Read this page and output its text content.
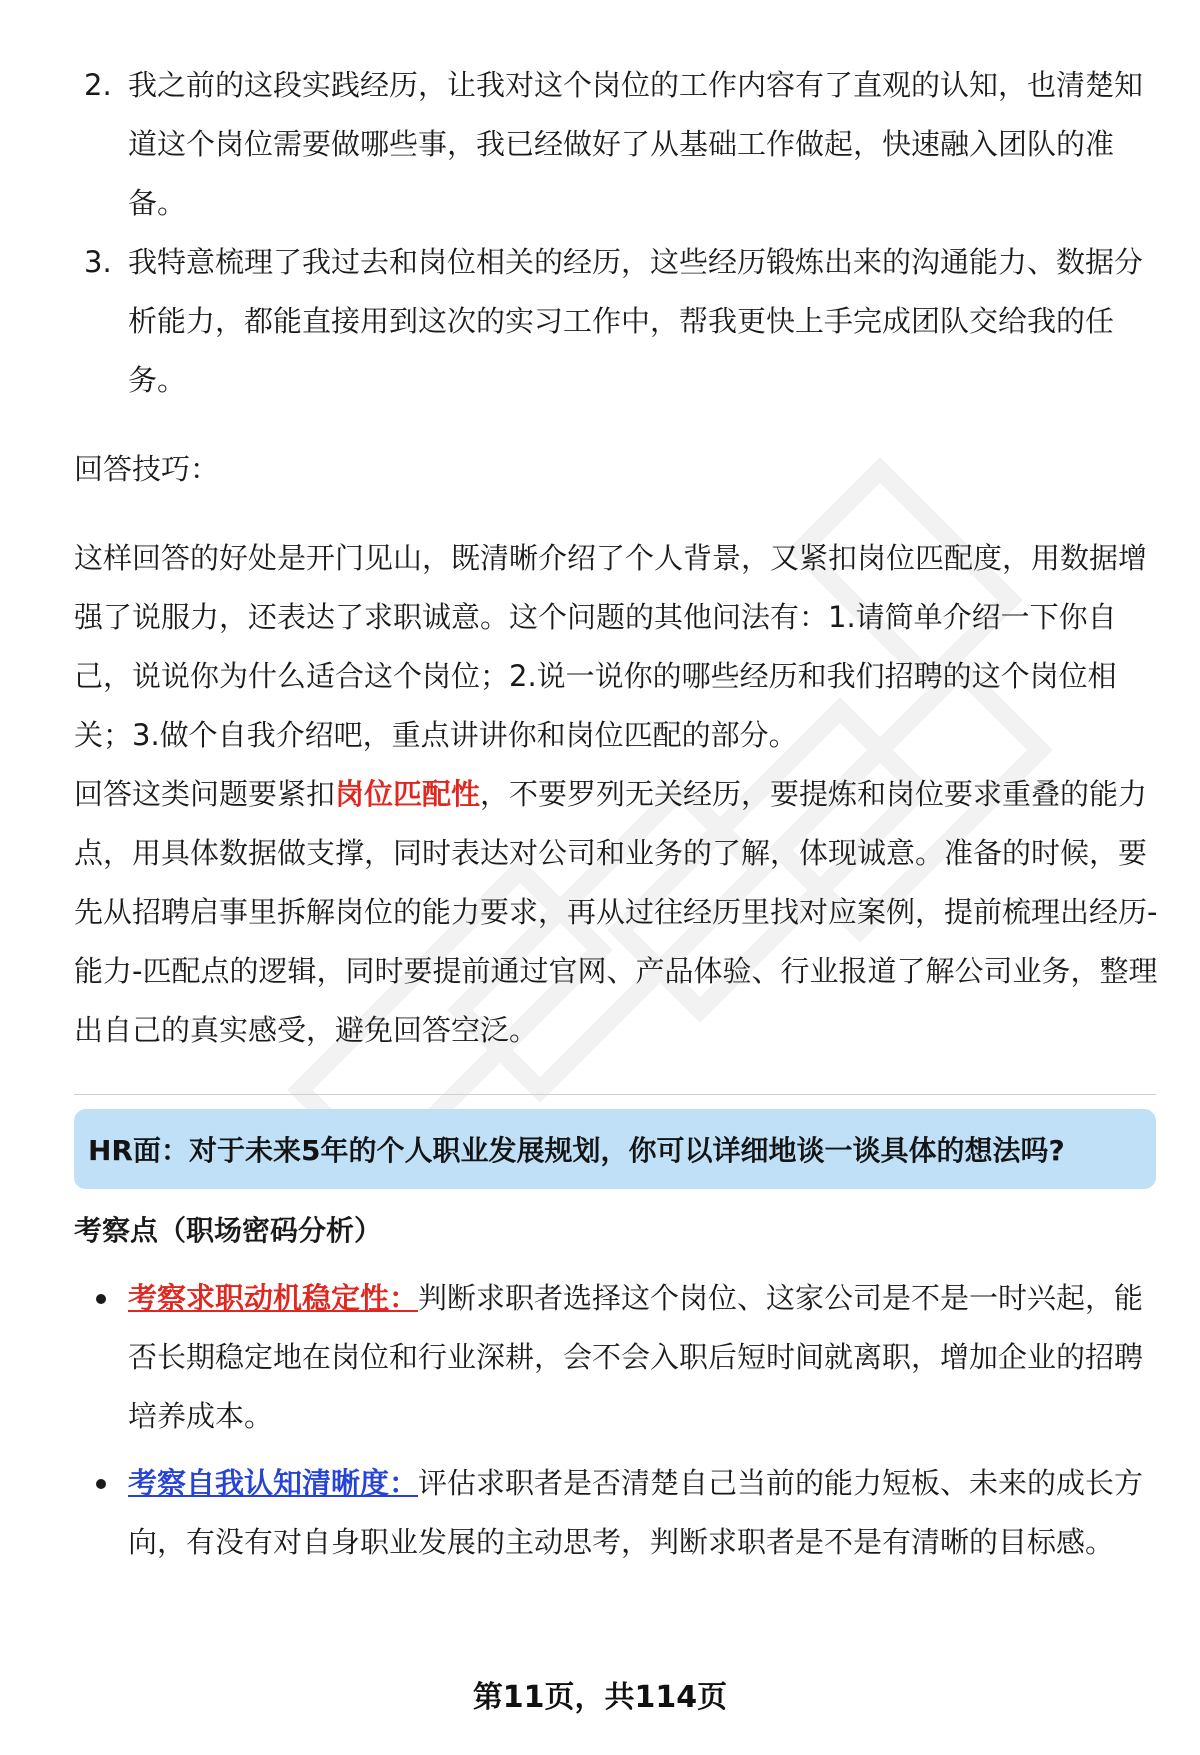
2. 我之前的这段实践经历，让我对这个岗位的工作内容有了直观的认知，也清楚知道这个岗位需要做哪些事，我已经做好了从基础工作做起，快速融入团队的准备。
3. 我特意梳理了我过去和岗位相关的经历，这些经历锻炼出来的沟通能力、数据分析能力，都能直接用到这次的实习工作中，帮我更快上手完成团队交给我的任务。
回答技巧：
这样回答的好处是开门见山，既清晰介绍了个人背景，又紧扣岗位匹配度，用数据增强了说服力，还表达了求职诚意。这个问题的其他问法有：1.请简单介绍一下你自己，说说你为什么适合这个岗位；2.说一说你的哪些经历和我们招聘的这个岗位相关；3.做个自我介绍吧，重点讲讲你和岗位匹配的部分。
回答这类问题要紧扣岗位匹配性，不要罗列无关经历，要提炼和岗位要求重叠的能力点，用具体数据做支撑，同时表达对公司和业务的了解，体现诚意。准备的时候，要先从招聘启事里拆解岗位的能力要求，再从过往经历里找对应案例，提前梳理出经历-能力-匹配点的逻辑，同时要提前通过官网、产品体验、行业报道了解公司业务，整理出自己的真实感受，避免回答空泛。
HR面：对于未来5年的个人职业发展规划，你可以详细地谈一谈具体的想法吗?
考察点（职场密码分析）
考察求职动机稳定性：判断求职者选择这个岗位、这家公司是不是一时兴起，能否长期稳定地在岗位和行业深耕，会不会入职后短时间就离职，增加企业的招聘培养成本。
考察自我认知清晰度：评估求职者是否清楚自己当前的能力短板、未来的成长方向，有没有对自身职业发展的主动思考，判断求职者是不是有清晰的目标感。
第11页，共114页
